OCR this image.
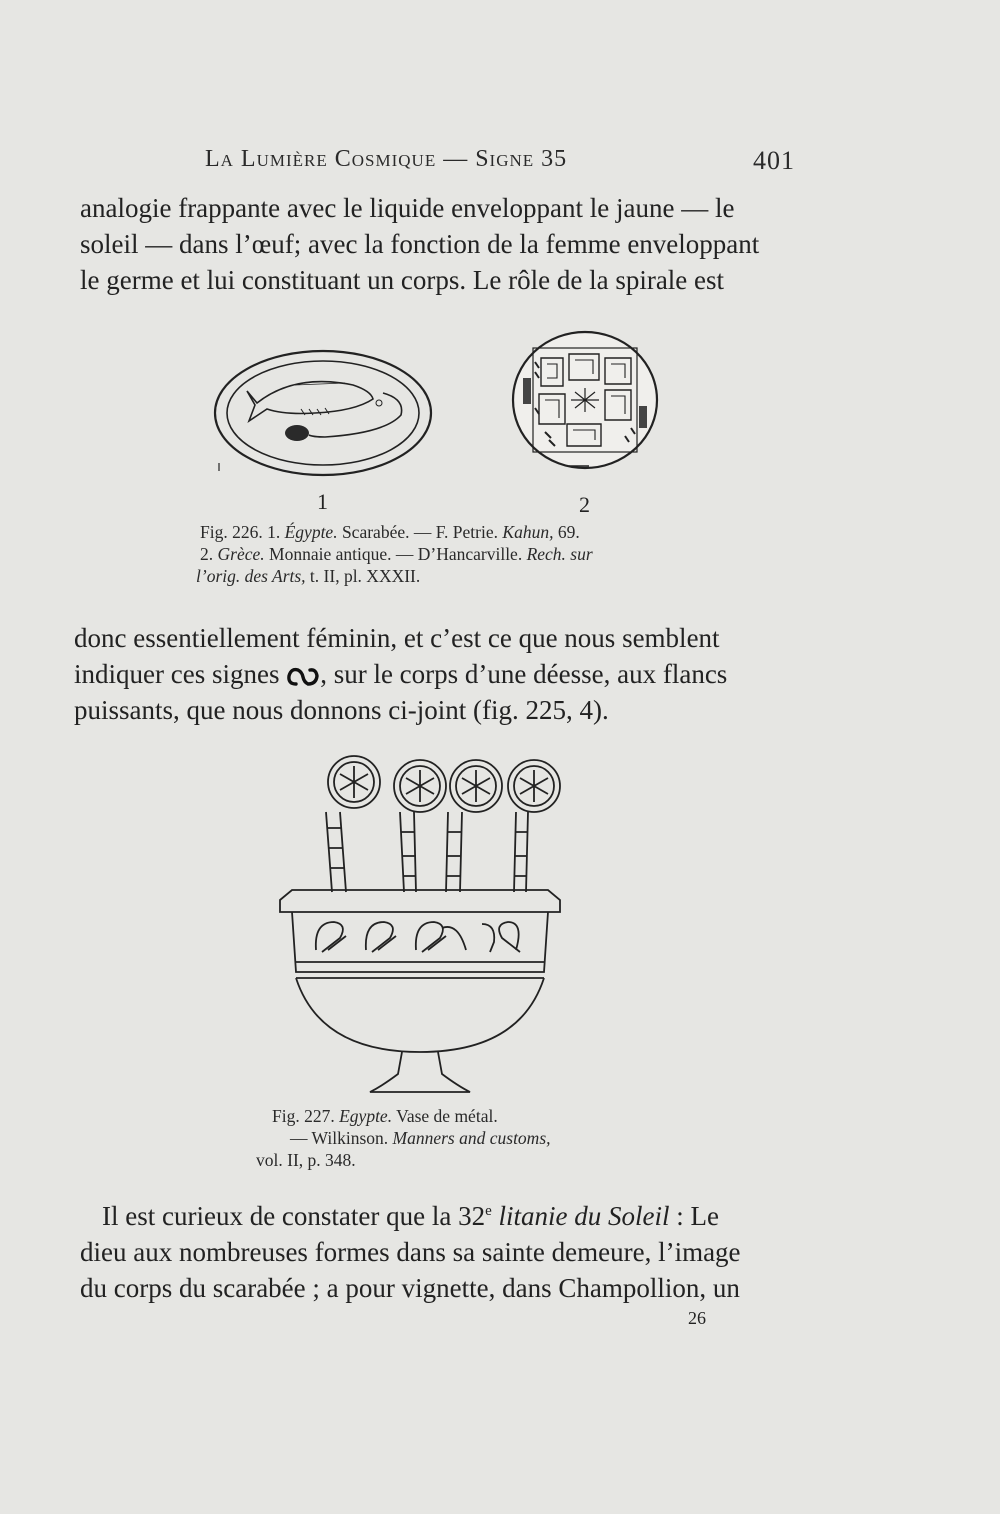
La Lumière Cosmique — Signe 35	401

analogie frappante avec le liquide enveloppant le jaune — le
soleil — dans l’œuf; avec la fonction de la femme enveloppant
le germe et lui constituant un corps. Le rôle de la spirale est

1	2
Fig. 226. 1. Égypte. Scarabée. — F. Petrie. Kahun, 69.
2. Grèce. Monnaie antique. — D’Hancarville. Rech. sur
l’orig. des Arts, t. II, pl. XXXII.

donc essentiellement féminin, et c’est ce que nous semblent
indiquer ces signes , sur le corps d’une déesse, aux flancs
puissants, que nous donnons ci-joint (fig. 225, 4).

Fig. 227. Egypte. Vase de métal.
— Wilkinson. Manners and customs,
vol. II, p. 348.

Il est curieux de constater que la 32e litanie du Soleil : Le
dieu aux nombreuses formes dans sa sainte demeure, l’image
du corps du scarabée ; a pour vignette, dans Champollion, un

26
